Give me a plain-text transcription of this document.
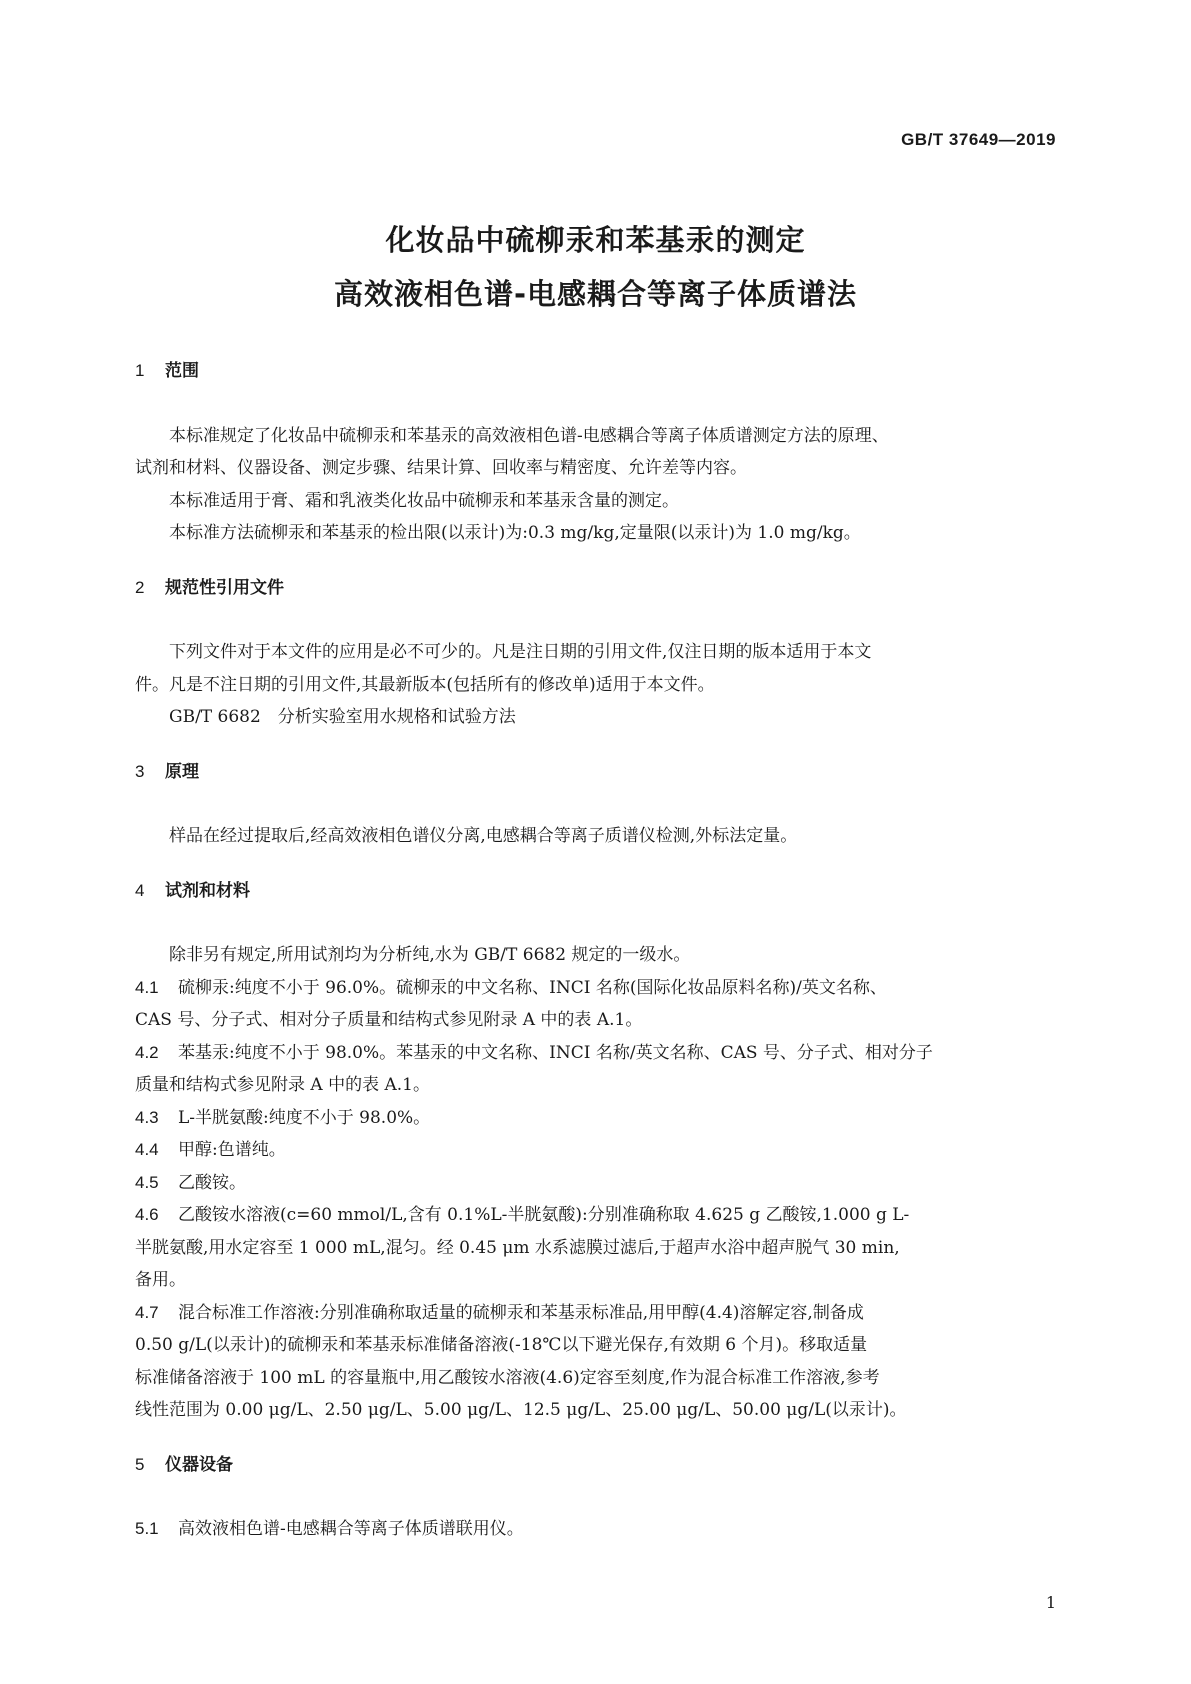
GB/T 37649—2019
化妆品中硫柳汞和苯基汞的测定
高效液相色谱-电感耦合等离子体质谱法
1 范围

本标准规定了化妆品中硫柳汞和苯基汞的高效液相色谱-电感耦合等离子体质谱测定方法的原理、

试剂和材料、仪器设备、测定步骤、结果计算、回收率与精密度、允许差等内容。

本标准适用于膏、霜和乳液类化妆品中硫柳汞和苯基汞含量的测定。

本标准方法硫柳汞和苯基汞的检出限(以汞计)为:0.3 mg/kg,定量限(以汞计)为 1.0 mg/kg。

2 规范性引用文件

下列文件对于本文件的应用是必不可少的。凡是注日期的引用文件,仅注日期的版本适用于本文

件。凡是不注日期的引用文件,其最新版本(包括所有的修改单)适用于本文件。

GB/T 6682　分析实验室用水规格和试验方法

3 原理

样品在经过提取后,经高效液相色谱仪分离,电感耦合等离子质谱仪检测,外标法定量。

4 试剂和材料

除非另有规定,所用试剂均为分析纯,水为 GB/T 6682 规定的一级水。

4.1 硫柳汞:纯度不小于 96.0%。硫柳汞的中文名称、INCI 名称(国际化妆品原料名称)/英文名称、

CAS 号、分子式、相对分子质量和结构式参见附录 A 中的表 A.1。

4.2 苯基汞:纯度不小于 98.0%。苯基汞的中文名称、INCI 名称/英文名称、CAS 号、分子式、相对分子

质量和结构式参见附录 A 中的表 A.1。

4.3 L-半胱氨酸:纯度不小于 98.0%。

4.4 甲醇:色谱纯。

4.5 乙酸铵。

4.6 乙酸铵水溶液(c=60 mmol/L,含有 0.1%L-半胱氨酸):分别准确称取 4.625 g 乙酸铵,1.000 g L-

半胱氨酸,用水定容至 1 000 mL,混匀。经 0.45 μm 水系滤膜过滤后,于超声水浴中超声脱气 30 min,

备用。

4.7 混合标准工作溶液:分别准确称取适量的硫柳汞和苯基汞标准品,用甲醇(4.4)溶解定容,制备成

0.50 g/L(以汞计)的硫柳汞和苯基汞标准储备溶液(-18℃以下避光保存,有效期 6 个月)。移取适量

标准储备溶液于 100 mL 的容量瓶中,用乙酸铵水溶液(4.6)定容至刻度,作为混合标准工作溶液,参考

线性范围为 0.00 μg/L、2.50 μg/L、5.00 μg/L、12.5 μg/L、25.00 μg/L、50.00 μg/L(以汞计)。

5 仪器设备

5.1 高效液相色谱-电感耦合等离子体质谱联用仪。

1
